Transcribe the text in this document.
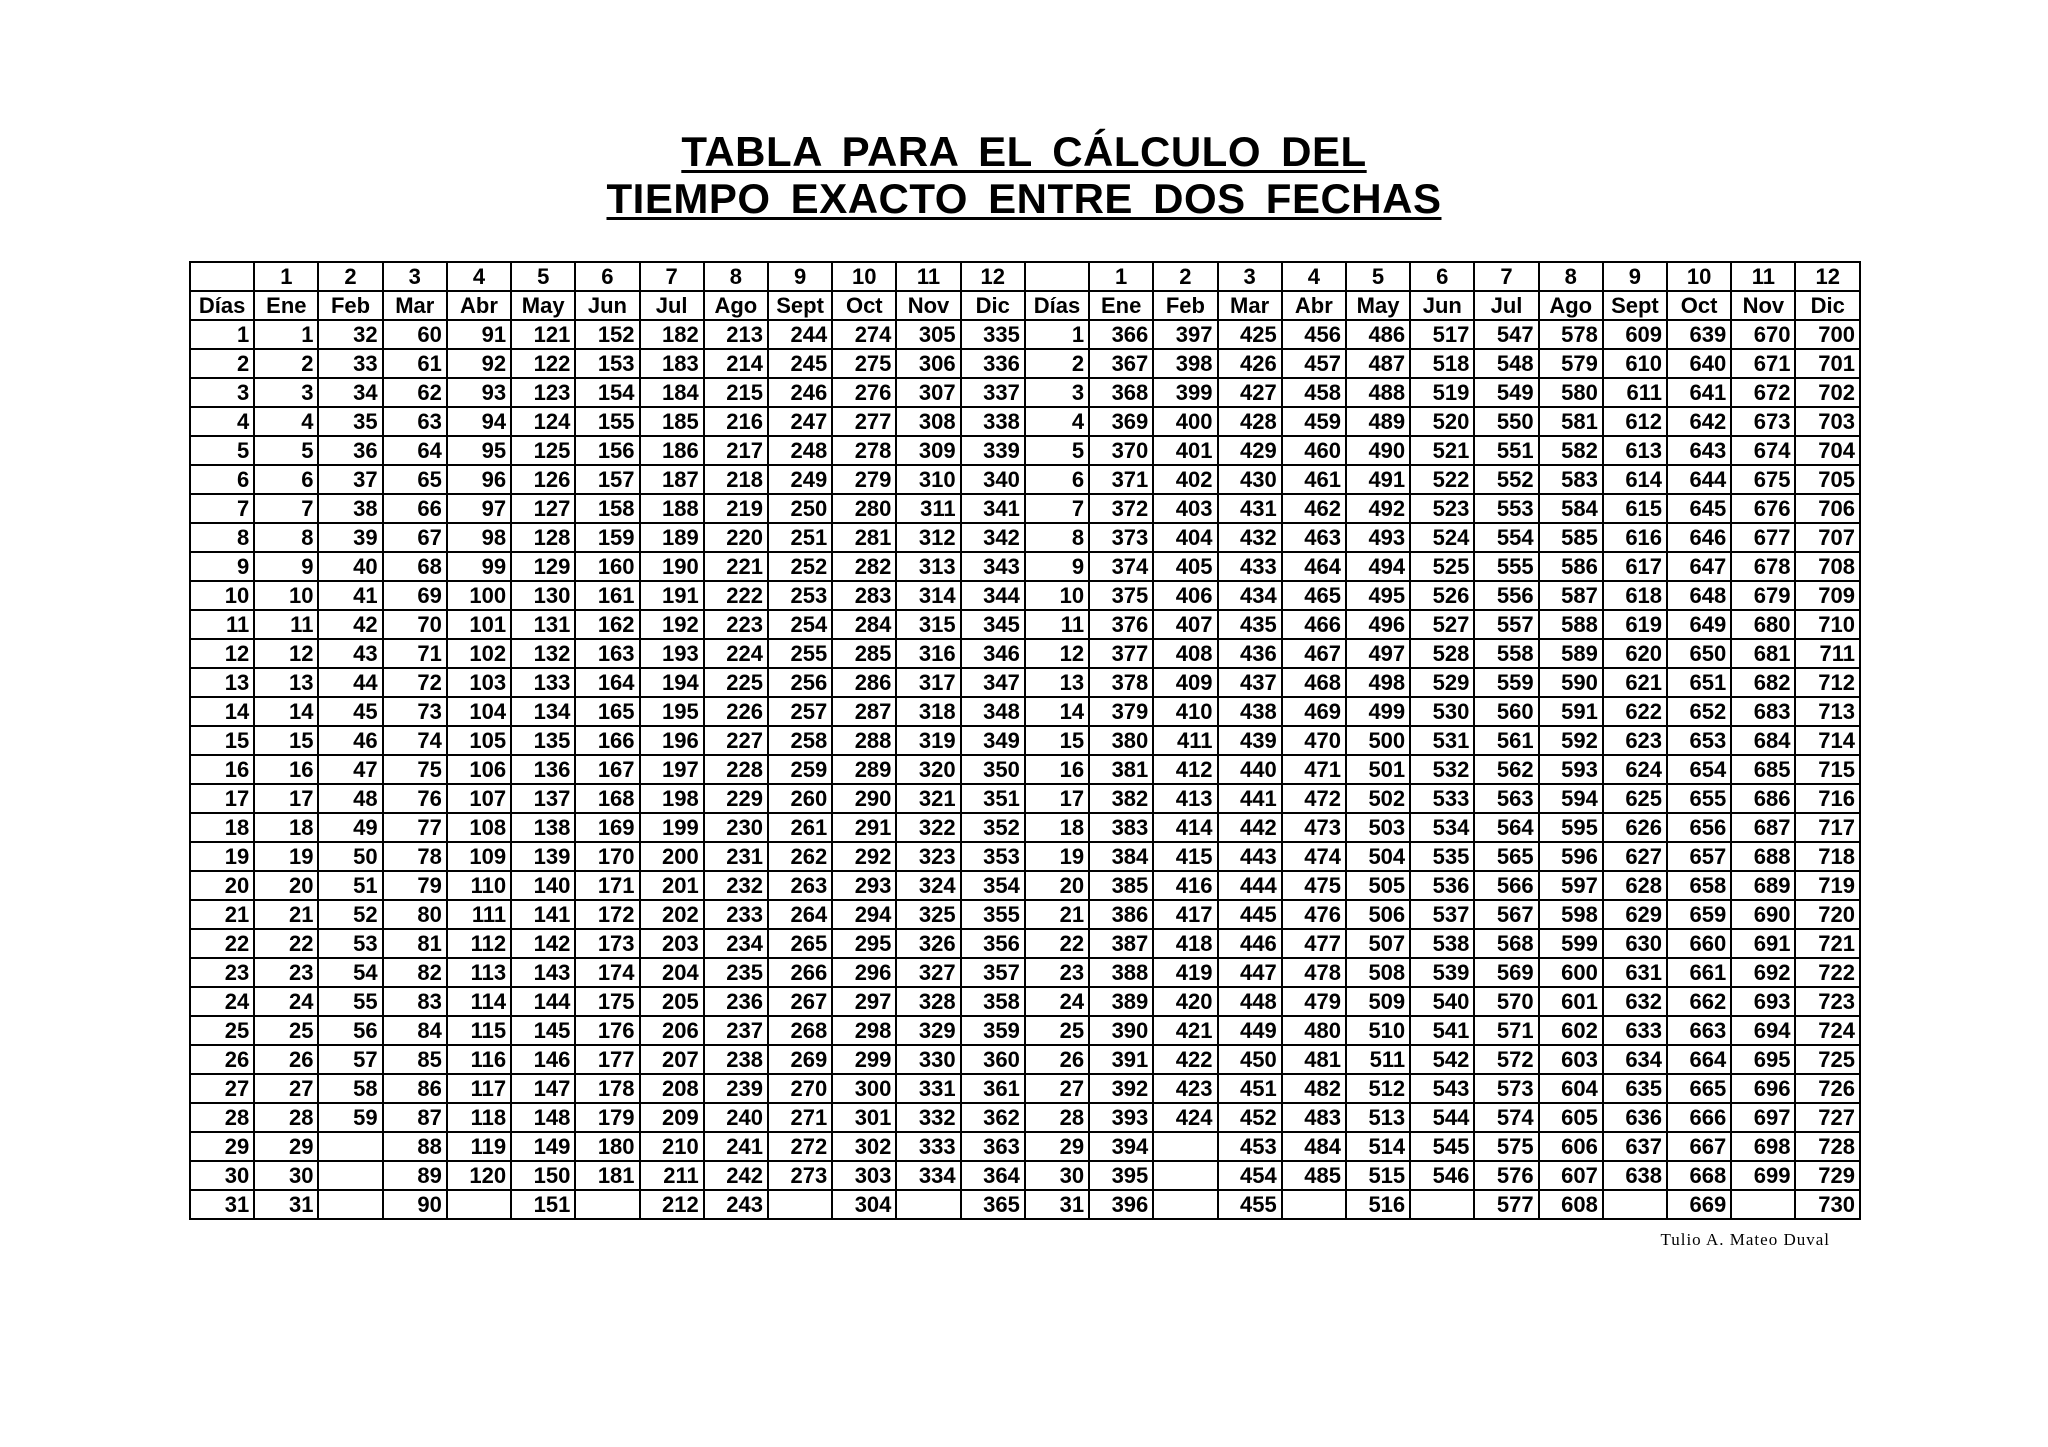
TABLA PARA EL CÁLCULO DEL
TIEMPO EXACTO ENTRE DOS FECHAS
	1	2	3	4	5	6	7	8	9	10	11	12		1	2	3	4	5	6	7	8	9	10	11	12
Días	Ene	Feb	Mar	Abr	May	Jun	Jul	Ago	Sept	Oct	Nov	Dic	Días	Ene	Feb	Mar	Abr	May	Jun	Jul	Ago	Sept	Oct	Nov	Dic
1	1	32	60	91	121	152	182	213	244	274	305	335	1	366	397	425	456	486	517	547	578	609	639	670	700
2	2	33	61	92	122	153	183	214	245	275	306	336	2	367	398	426	457	487	518	548	579	610	640	671	701
3	3	34	62	93	123	154	184	215	246	276	307	337	3	368	399	427	458	488	519	549	580	611	641	672	702
4	4	35	63	94	124	155	185	216	247	277	308	338	4	369	400	428	459	489	520	550	581	612	642	673	703
5	5	36	64	95	125	156	186	217	248	278	309	339	5	370	401	429	460	490	521	551	582	613	643	674	704
6	6	37	65	96	126	157	187	218	249	279	310	340	6	371	402	430	461	491	522	552	583	614	644	675	705
7	7	38	66	97	127	158	188	219	250	280	311	341	7	372	403	431	462	492	523	553	584	615	645	676	706
8	8	39	67	98	128	159	189	220	251	281	312	342	8	373	404	432	463	493	524	554	585	616	646	677	707
9	9	40	68	99	129	160	190	221	252	282	313	343	9	374	405	433	464	494	525	555	586	617	647	678	708
10	10	41	69	100	130	161	191	222	253	283	314	344	10	375	406	434	465	495	526	556	587	618	648	679	709
11	11	42	70	101	131	162	192	223	254	284	315	345	11	376	407	435	466	496	527	557	588	619	649	680	710
12	12	43	71	102	132	163	193	224	255	285	316	346	12	377	408	436	467	497	528	558	589	620	650	681	711
13	13	44	72	103	133	164	194	225	256	286	317	347	13	378	409	437	468	498	529	559	590	621	651	682	712
14	14	45	73	104	134	165	195	226	257	287	318	348	14	379	410	438	469	499	530	560	591	622	652	683	713
15	15	46	74	105	135	166	196	227	258	288	319	349	15	380	411	439	470	500	531	561	592	623	653	684	714
16	16	47	75	106	136	167	197	228	259	289	320	350	16	381	412	440	471	501	532	562	593	624	654	685	715
17	17	48	76	107	137	168	198	229	260	290	321	351	17	382	413	441	472	502	533	563	594	625	655	686	716
18	18	49	77	108	138	169	199	230	261	291	322	352	18	383	414	442	473	503	534	564	595	626	656	687	717
19	19	50	78	109	139	170	200	231	262	292	323	353	19	384	415	443	474	504	535	565	596	627	657	688	718
20	20	51	79	110	140	171	201	232	263	293	324	354	20	385	416	444	475	505	536	566	597	628	658	689	719
21	21	52	80	111	141	172	202	233	264	294	325	355	21	386	417	445	476	506	537	567	598	629	659	690	720
22	22	53	81	112	142	173	203	234	265	295	326	356	22	387	418	446	477	507	538	568	599	630	660	691	721
23	23	54	82	113	143	174	204	235	266	296	327	357	23	388	419	447	478	508	539	569	600	631	661	692	722
24	24	55	83	114	144	175	205	236	267	297	328	358	24	389	420	448	479	509	540	570	601	632	662	693	723
25	25	56	84	115	145	176	206	237	268	298	329	359	25	390	421	449	480	510	541	571	602	633	663	694	724
26	26	57	85	116	146	177	207	238	269	299	330	360	26	391	422	450	481	511	542	572	603	634	664	695	725
27	27	58	86	117	147	178	208	239	270	300	331	361	27	392	423	451	482	512	543	573	604	635	665	696	726
28	28	59	87	118	148	179	209	240	271	301	332	362	28	393	424	452	483	513	544	574	605	636	666	697	727
29	29		88	119	149	180	210	241	272	302	333	363	29	394		453	484	514	545	575	606	637	667	698	728
30	30		89	120	150	181	211	242	273	303	334	364	30	395		454	485	515	546	576	607	638	668	699	729
31	31		90		151		212	243		304		365	31	396		455		516		577	608		669		730
Tulio A. Mateo Duval
